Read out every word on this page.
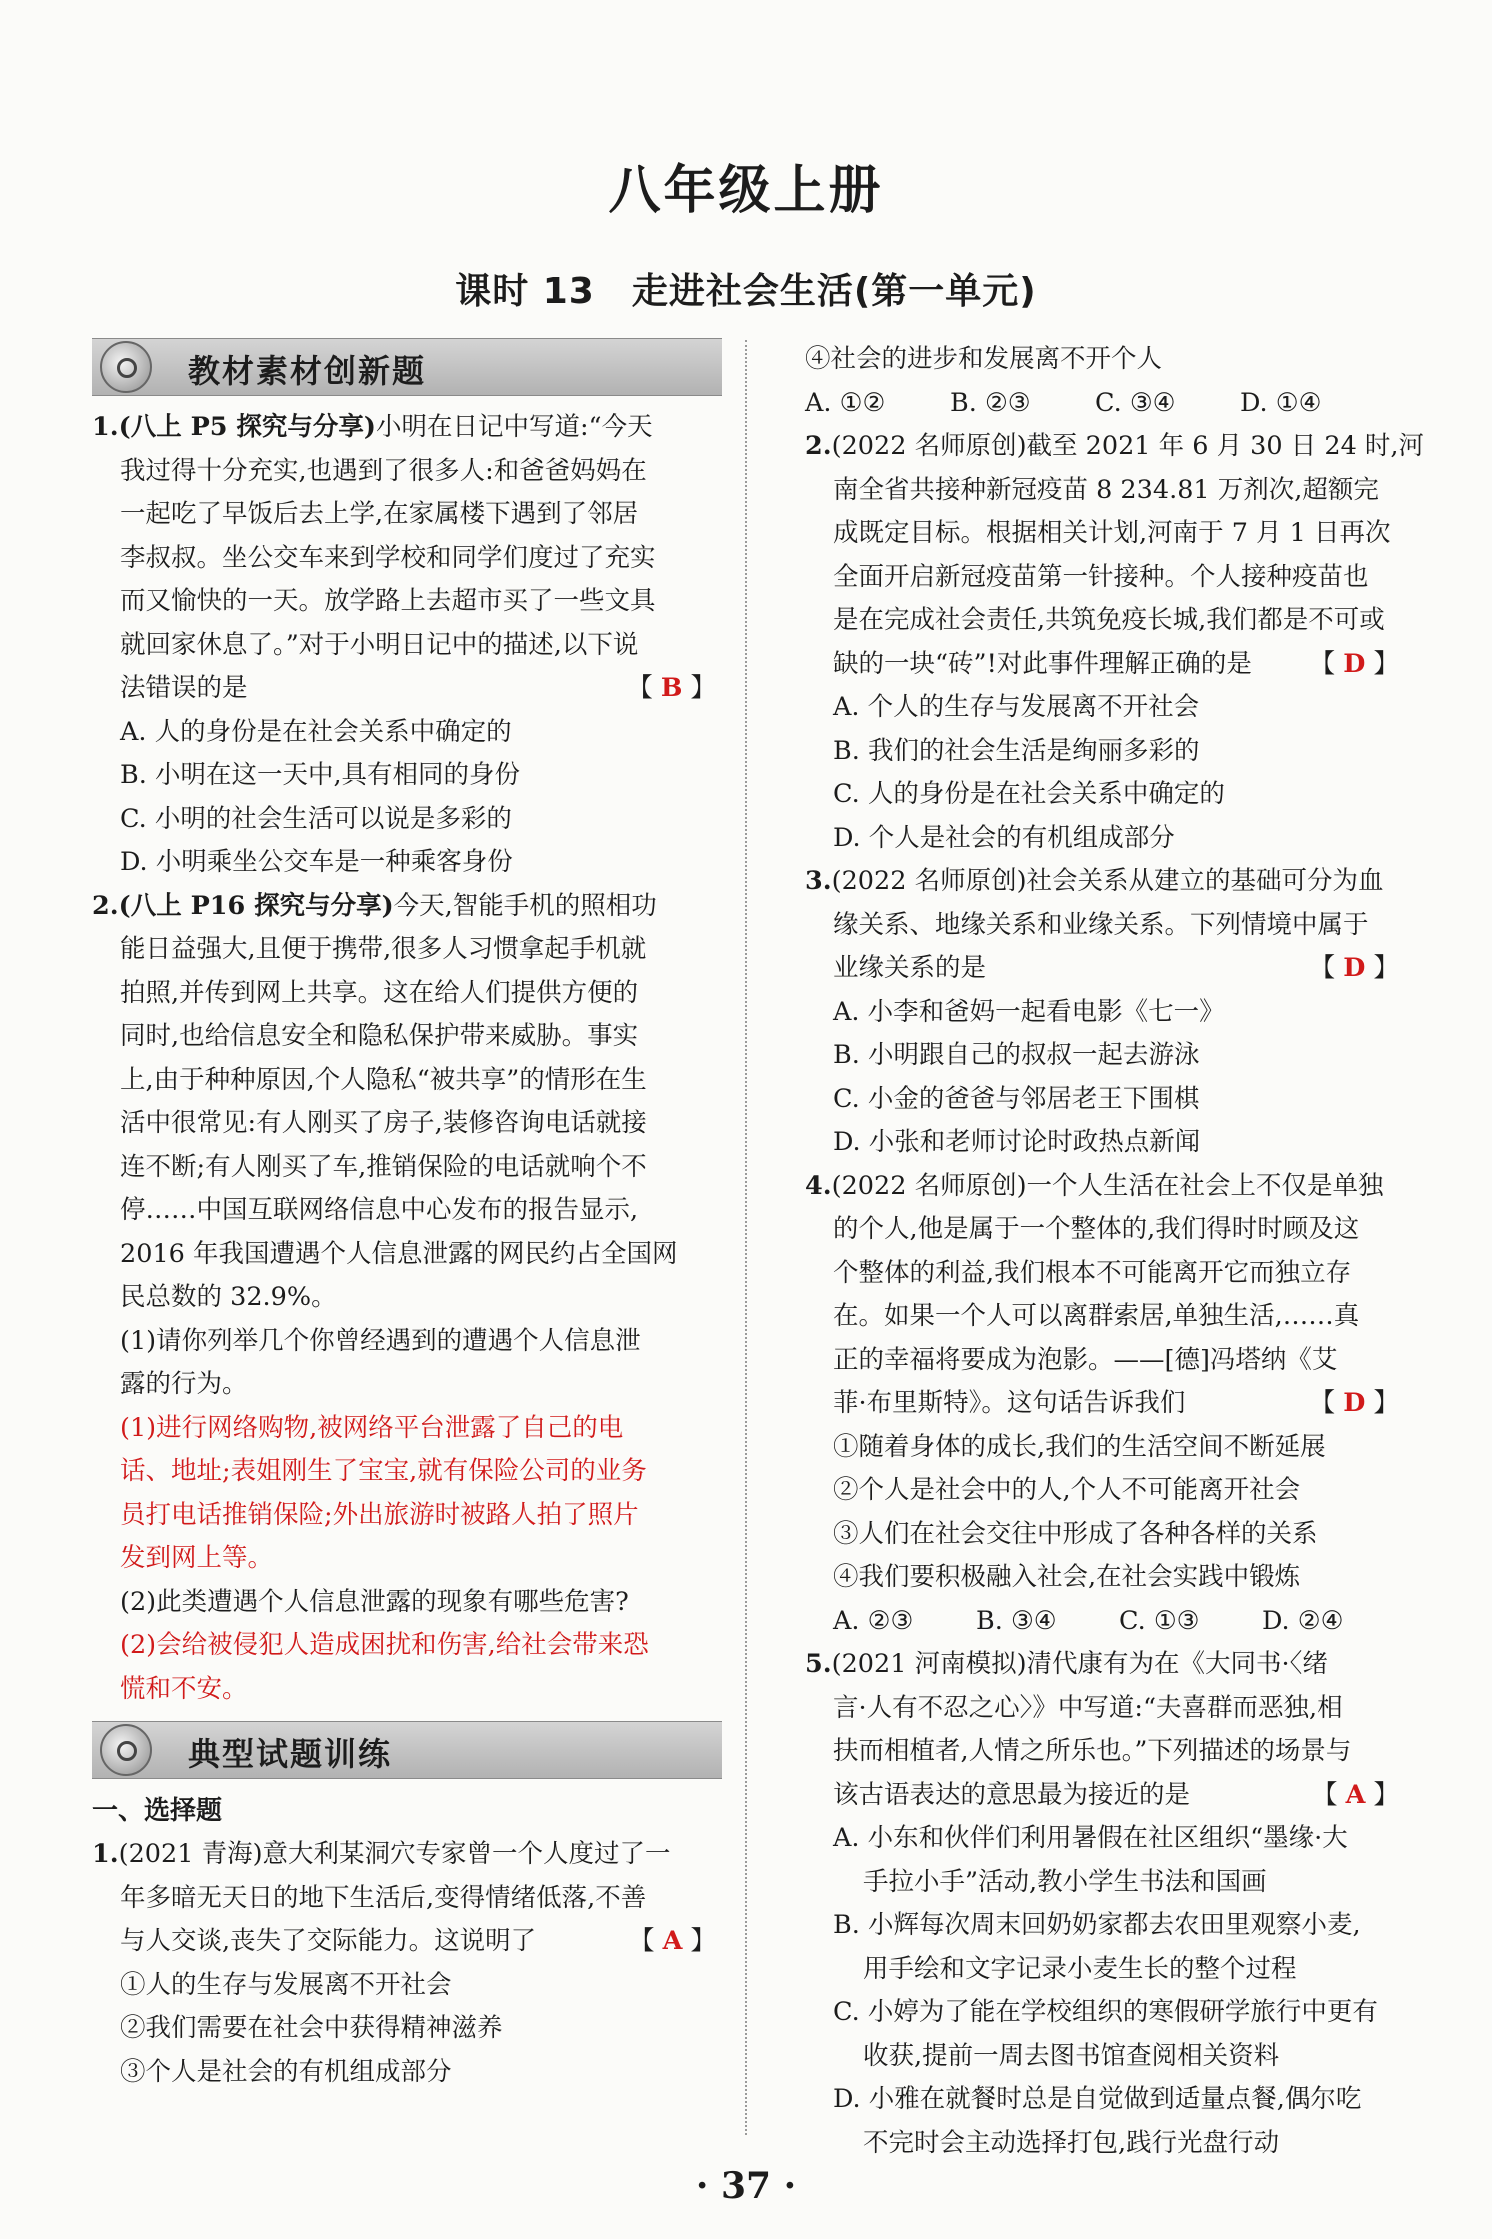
八年级上册
课时 13　走进社会生活(第一单元)
教材素材创新题
1.(八上 P5 探究与分享)小明在日记中写道:“今天
我过得十分充实,也遇到了很多人:和爸爸妈妈在
一起吃了早饭后去上学,在家属楼下遇到了邻居
李叔叔。坐公交车来到学校和同学们度过了充实
而又愉快的一天。放学路上去超市买了一些文具
就回家休息了。”对于小明日记中的描述,以下说
法错误的是	【 B 】
A. 人的身份是在社会关系中确定的
B. 小明在这一天中,具有相同的身份
C. 小明的社会生活可以说是多彩的
D. 小明乘坐公交车是一种乘客身份
2.(八上 P16 探究与分享)今天,智能手机的照相功
能日益强大,且便于携带,很多人习惯拿起手机就
拍照,并传到网上共享。这在给人们提供方便的
同时,也给信息安全和隐私保护带来威胁。事实
上,由于种种原因,个人隐私“被共享”的情形在生
活中很常见:有人刚买了房子,装修咨询电话就接
连不断;有人刚买了车,推销保险的电话就响个不
停……中国互联网络信息中心发布的报告显示,
2016 年我国遭遇个人信息泄露的网民约占全国网
民总数的 32.9%。
(1)请你列举几个你曾经遇到的遭遇个人信息泄
露的行为。
(1)进行网络购物,被网络平台泄露了自己的电
话、地址;表姐刚生了宝宝,就有保险公司的业务
员打电话推销保险;外出旅游时被路人拍了照片
发到网上等。
(2)此类遭遇个人信息泄露的现象有哪些危害?
(2)会给被侵犯人造成困扰和伤害,给社会带来恐
慌和不安。
典型试题训练
一、选择题
1.(2021 青海)意大利某洞穴专家曾一个人度过了一
年多暗无天日的地下生活后,变得情绪低落,不善
与人交谈,丧失了交际能力。这说明了	【 A 】
①人的生存与发展离不开社会
②我们需要在社会中获得精神滋养
③个人是社会的有机组成部分
④社会的进步和发展离不开个人
A. ①②	B. ②③	C. ③④	D. ①④
2.(2022 名师原创)截至 2021 年 6 月 30 日 24 时,河
南全省共接种新冠疫苗 8 234.81 万剂次,超额完
成既定目标。根据相关计划,河南于 7 月 1 日再次
全面开启新冠疫苗第一针接种。个人接种疫苗也
是在完成社会责任,共筑免疫长城,我们都是不可或
缺的一块“砖”!对此事件理解正确的是 【 D 】
A. 个人的生存与发展离不开社会
B. 我们的社会生活是绚丽多彩的
C. 人的身份是在社会关系中确定的
D. 个人是社会的有机组成部分
3.(2022 名师原创)社会关系从建立的基础可分为血
缘关系、地缘关系和业缘关系。下列情境中属于
业缘关系的是	【 D 】
A. 小李和爸妈一起看电影《七一》
B. 小明跟自己的叔叔一起去游泳
C. 小金的爸爸与邻居老王下围棋
D. 小张和老师讨论时政热点新闻
4.(2022 名师原创)一个人生活在社会上不仅是单独
的个人,他是属于一个整体的,我们得时时顾及这
个整体的利益,我们根本不可能离开它而独立存
在。如果一个人可以离群索居,单独生活,……真
正的幸福将要成为泡影。——[德]冯塔纳《艾
菲·布里斯特》。这句话告诉我们	【 D 】
①随着身体的成长,我们的生活空间不断延展
②个人是社会中的人,个人不可能离开社会
③人们在社会交往中形成了各种各样的关系
④我们要积极融入社会,在社会实践中锻炼
A. ②③	B. ③④	C. ①③	D. ②④
5.(2021 河南模拟)清代康有为在《大同书·〈绪
言·人有不忍之心〉》中写道:“夫喜群而恶独,相
扶而相植者,人情之所乐也。”下列描述的场景与
该古语表达的意思最为接近的是	【 A 】
A. 小东和伙伴们利用暑假在社区组织“墨缘·大
手拉小手”活动,教小学生书法和国画
B. 小辉每次周末回奶奶家都去农田里观察小麦,
用手绘和文字记录小麦生长的整个过程
C. 小婷为了能在学校组织的寒假研学旅行中更有
收获,提前一周去图书馆查阅相关资料
D. 小雅在就餐时总是自觉做到适量点餐,偶尔吃
不完时会主动选择打包,践行光盘行动
· 37 ·
